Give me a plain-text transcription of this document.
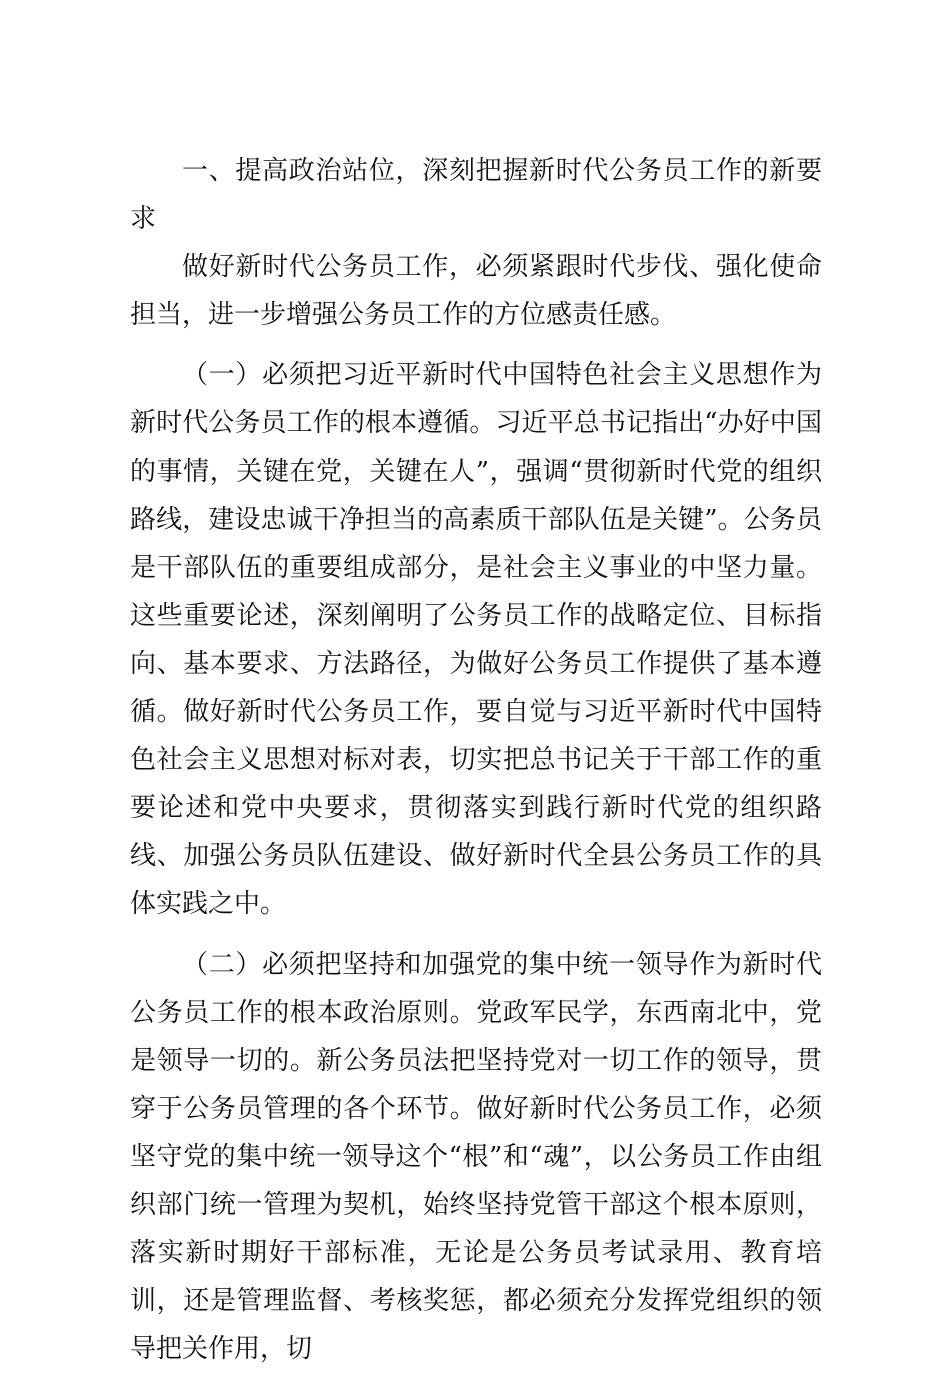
一、提高政治站位，深刻把握新时代公务员工作的新要求

做好新时代公务员工作，必须紧跟时代步伐、强化使命担当，进一步增强公务员工作的方位感责任感。

（一）必须把习近平新时代中国特色社会主义思想作为新时代公务员工作的根本遵循。习近平总书记指出“办好中国的事情，关键在党，关键在人”，强调“贯彻新时代党的组织路线，建设忠诚干净担当的高素质干部队伍是关键”。公务员是干部队伍的重要组成部分，是社会主义事业的中坚力量。这些重要论述，深刻阐明了公务员工作的战略定位、目标指向、基本要求、方法路径，为做好公务员工作提供了基本遵循。做好新时代公务员工作，要自觉与习近平新时代中国特色社会主义思想对标对表，切实把总书记关于干部工作的重要论述和党中央要求，贯彻落实到践行新时代党的组织路线、加强公务员队伍建设、做好新时代全县公务员工作的具体实践之中。

（二）必须把坚持和加强党的集中统一领导作为新时代公务员工作的根本政治原则。党政军民学，东西南北中，党是领导一切的。新公务员法把坚持党对一切工作的领导，贯穿于公务员管理的各个环节。做好新时代公务员工作，必须坚守党的集中统一领导这个“根”和“魂”，以公务员工作由组织部门统一管理为契机，始终坚持党管干部这个根本原则，落实新时期好干部标准，无论是公务员考试录用、教育培训，还是管理监督、考核奖惩，都必须充分发挥党组织的领导把关作用，切
